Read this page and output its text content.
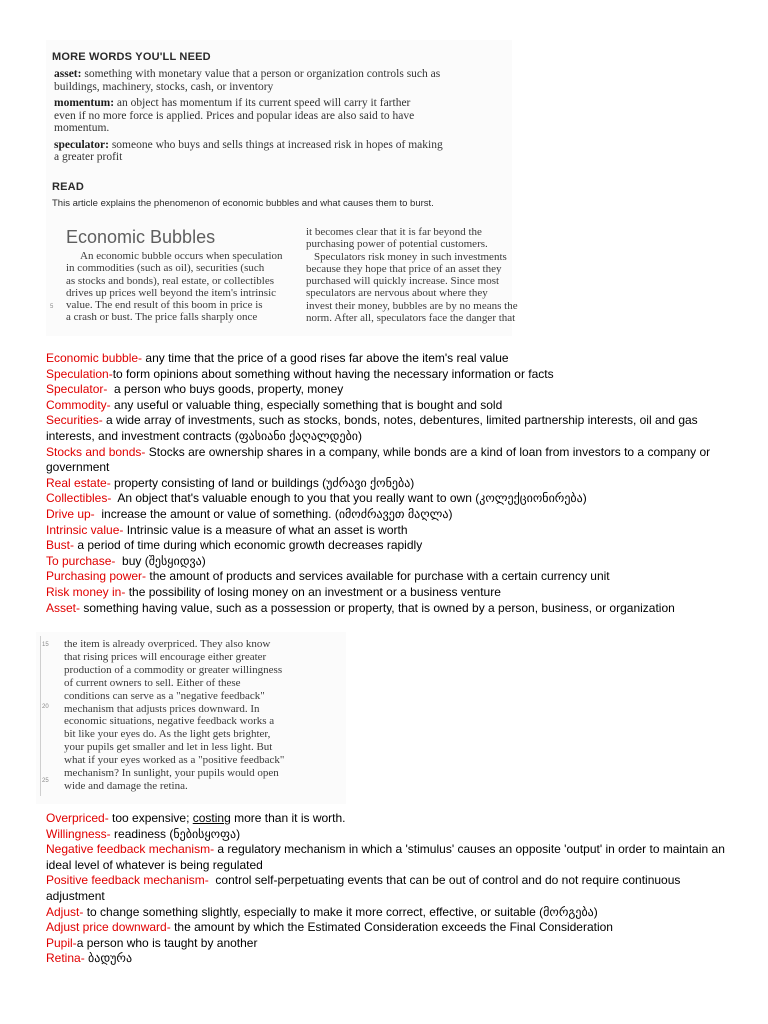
MORE WORDS YOU'LL NEED

asset: something with monetary value that a person or organization controls such as
buildings, machinery, stocks, cash, or inventory

momentum: an object has momentum if its current speed will carry it farther
even if no more force is applied. Prices and popular ideas are also said to have
momentum.

speculator: someone who buys and sells things at increased risk in hopes of making
a greater profit

READ

This article explains the phenomenon of economic bubbles and what causes them to burst.

Economic Bubbles

An economic bubble occurs when speculation
in commodities (such as oil), securities (such
as stocks and bonds), real estate, or collectibles
drives up prices well beyond the item's intrinsic
value. The end result of this boom in price is
a crash or bust. The price falls sharply once
5
it becomes clear that it is far beyond the
purchasing power of potential customers.
Speculators risk money in such investments
because they hope that price of an asset they
purchased will quickly increase. Since most
speculators are nervous about where they
invest their money, bubbles are by no means the
norm. After all, speculators face the danger that

Economic bubble- any time that the price of a good rises far above the item's real value

Speculation-to form opinions about something without having the necessary information or facts

Speculator-  a person who buys goods, property, money

Commodity- any useful or valuable thing, especially something that is bought and sold

Securities- a wide array of investments, such as stocks, bonds, notes, debentures, limited partnership interests, oil and gas interests, and investment contracts (ფასიანი ქაღალდები)

Stocks and bonds- Stocks are ownership shares in a company, while bonds are a kind of loan from investors to a company or government

Real estate- property consisting of land or buildings (უძრავი ქონება)

Collectibles-  An object that's valuable enough to you that you really want to own (კოლექციონირება)

Drive up-  increase the amount or value of something. (იმოძრავეთ მაღლა)

Intrinsic value- Intrinsic value is a measure of what an asset is worth

Bust- a period of time during which economic growth decreases rapidly

To purchase-  buy (შესყიდვა)

Purchasing power- the amount of products and services available for purchase with a certain currency unit

Risk money in- the possibility of losing money on an investment or a business venture

Asset- something having value, such as a possession or property, that is owned by a person, business, or organization

15
20
25
the item is already overpriced. They also know
that rising prices will encourage either greater
production of a commodity or greater willingness
of current owners to sell. Either of these
conditions can serve as a "negative feedback"
mechanism that adjusts prices downward. In
economic situations, negative feedback works a
bit like your eyes do. As the light gets brighter,
your pupils get smaller and let in less light. But
what if your eyes worked as a "positive feedback"
mechanism? In sunlight, your pupils would open
wide and damage the retina.

Overpriced- too expensive; costing more than it is worth.

Willingness- readiness (ნებისყოფა)

Negative feedback mechanism- a regulatory mechanism in which a 'stimulus' causes an opposite 'output' in order to maintain an ideal level of whatever is being regulated

Positive feedback mechanism-  control self-perpetuating events that can be out of control and do not require continuous adjustment

Adjust- to change something slightly, especially to make it more correct, effective, or suitable (მორგება)

Adjust price downward- the amount by which the Estimated Consideration exceeds the Final Consideration

Pupil-a person who is taught by another

Retina- ბადურა
